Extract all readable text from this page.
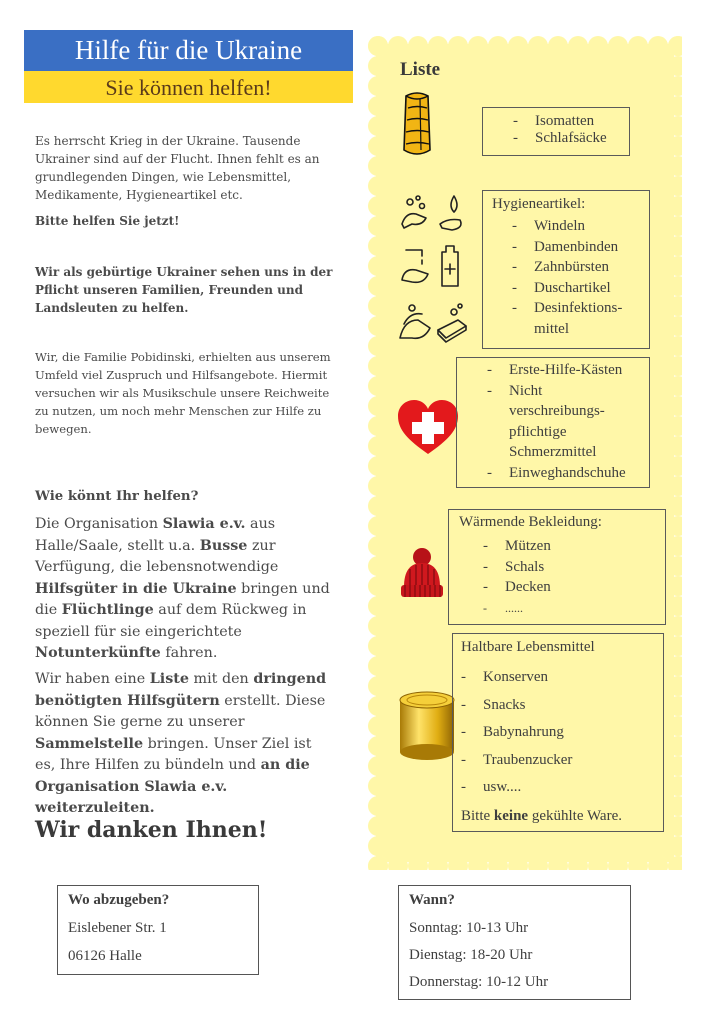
Hilfe für die Ukraine
Sie können helfen!
Es herrscht Krieg in der Ukraine. Tausende Ukrainer sind auf der Flucht. Ihnen fehlt es an grundlegenden Dingen, wie Lebensmittel, Medikamente, Hygieneartikel etc.
Bitte helfen Sie jetzt!
Wir als gebürtige Ukrainer sehen uns in der Pflicht unseren Familien, Freunden und Landsleuten zu helfen.
Wir, die Familie Pobidinski, erhielten aus unserem Umfeld viel Zuspruch und Hilfsangebote. Hiermit versuchen wir als Musikschule unsere Reichweite zu nutzen, um noch mehr Menschen zur Hilfe zu bewegen.
Wie könnt Ihr helfen?
Die Organisation Slawia e.v. aus Halle/Saale, stellt u.a. Busse zur Verfügung, die lebensnotwendige Hilfsgüter in die Ukraine bringen und die Flüchtlinge auf dem Rückweg in speziell für sie eingerichtete Notunterkünfte fahren.
Wir haben eine Liste mit den dringend benötigten Hilfsgütern erstellt. Diese können Sie gerne zu unserer Sammelstelle bringen. Unser Ziel ist es, Ihre Hilfen zu bündeln und an die Organisation Slawia e.v. weiterzuleiten.
Wir danken Ihnen!
Liste
- Isomatten
- Schlafsäcke
Hygieneartikel:
- Windeln
- Damenbinden
- Zahnbürsten
- Duschartikel
- Desinfektions-mittel
- Erste-Hilfe-Kästen
- Nicht verschreibungs-pflichtige Schmerzmittel
- Einweghandschuhe
Wärmende Bekleidung:
- Mützen
- Schals
- Decken
- ......
Haltbare Lebensmittel
- Konserven
- Snacks
- Babynahrung
- Traubenzucker
- usw....
Bitte keine gekühlte Ware.
Wo abzugeben?
Eislebener Str. 1
06126 Halle
Wann?
Sonntag: 10-13 Uhr
Dienstag: 18-20 Uhr
Donnerstag: 10-12 Uhr
